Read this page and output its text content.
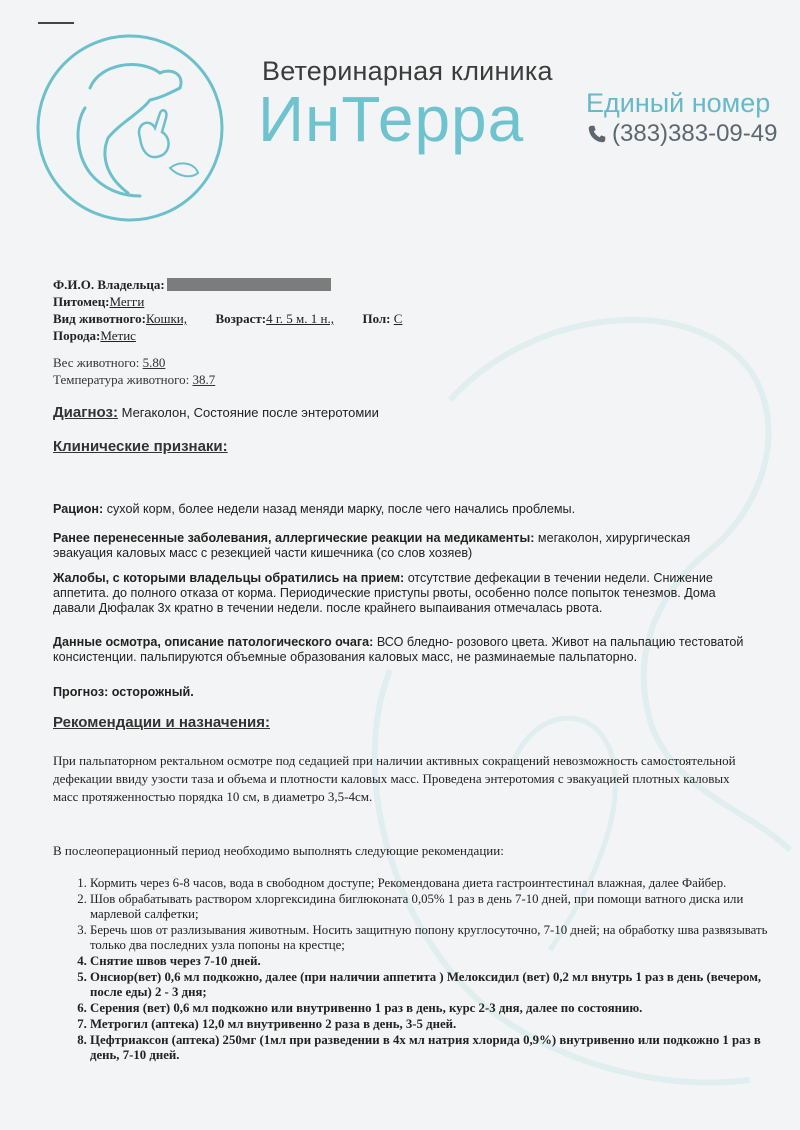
Ветеринарная клиника
ИнТерра Единый номер
(383)383-09-49
Ф.И.О. Владельца:
Питомец:Мегги
Вид животного:Кошки, Возраст:4 г. 5 м. 1 н., Пол: С
Порода:Метис
Вес животного: 5.80
Температура животного: 38.7
Диагноз: Мегаколон, Состояние после энтеротомии
Клинические признаки:
Рацион: сухой корм, более недели назад меняди марку, после чего начались проблемы.
Ранее перенесенные заболевания, аллергические реакции на медикаменты: мегаколон, хирургическая эвакуация каловых масс с резекцией части кишечника (со слов хозяев)
Жалобы, с которыми владельцы обратились на прием: отсутствие дефекации в течении недели. Снижение аппетита. до полного отказа от корма. Периодические приступы рвоты, особенно полсе попыток тенезмов. Дома давали Дюфалак 3х кратно в течении недели. после крайнего выпаивания отмечалась рвота.
Данные осмотра, описание патологического очага: ВСО бледно- розового цвета. Живот на пальпацию тестоватой консистенции. пальпируются объемные образования каловых масс, не разминаемые пальпаторно.
Прогноз: осторожный.
Рекомендации и назначения:
При пальпаторном ректальном осмотре под седацией при наличии активных сокращений невозможность самостоятельной дефекации ввиду узости таза и объема и плотности каловых масс. Проведена энтеротомия с эвакуацией плотных каловых масс протяженностью порядка 10 см, в диаметро 3,5-4см.
В послеоперационный период необходимо выполнять следующие рекомендации:
1. Кормить через 6-8 часов, вода в свободном доступе; Рекомендована диета гастроинтестинал влажная, далее Файбер.
2. Шов обрабатывать раствором хлоргексидина биглюконата 0,05% 1 раз в день 7-10 дней, при помощи ватного диска или марлевой салфетки;
3. Беречь шов от разлизывания животным. Носить защитную попону круглосуточно, 7-10 дней; на обработку шва развязывать только два последних узла попоны на крестце;
4. Снятие швов через 7-10 дней.
5. Онсиор(вет) 0,6 мл подкожно, далее (при наличии аппетита ) Мелоксидил (вет) 0,2 мл внутрь 1 раз в день (вечером, после еды) 2 - 3 дня;
6. Серения (вет) 0,6 мл подкожно или внутривенно 1 раз в день, курс 2-3 дня, далее по состоянию.
7. Метрогил (аптека) 12,0 мл внутривенно 2 раза в день, 3-5 дней.
8. Цефтриаксон (аптека) 250мг (1мл при разведении в 4х мл натрия хлорида 0,9%) внутривенно или подкожно 1 раз в день, 7-10 дней.
